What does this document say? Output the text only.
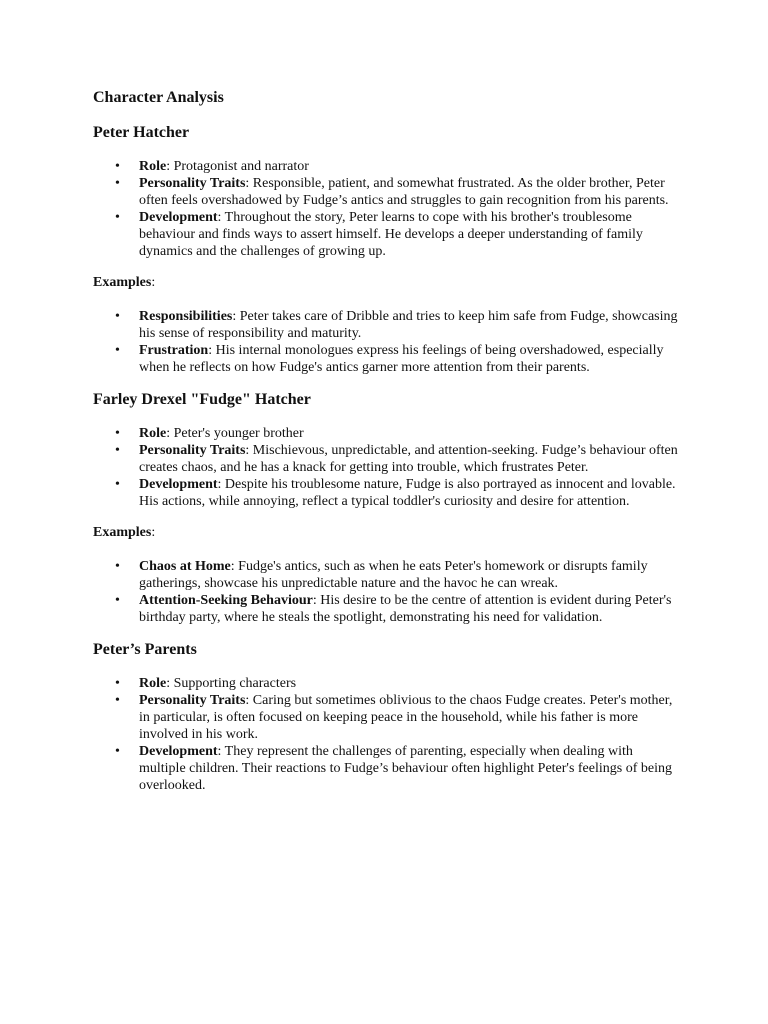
Character Analysis
Peter Hatcher
• Role: Protagonist and narrator
• Personality Traits: Responsible, patient, and somewhat frustrated. As the older brother, Peter often feels overshadowed by Fudge’s antics and struggles to gain recognition from his parents.
• Development: Throughout the story, Peter learns to cope with his brother's troublesome behaviour and finds ways to assert himself. He develops a deeper understanding of family dynamics and the challenges of growing up.

Examples:

• Responsibilities: Peter takes care of Dribble and tries to keep him safe from Fudge, showcasing his sense of responsibility and maturity.
• Frustration: His internal monologues express his feelings of being overshadowed, especially when he reflects on how Fudge's antics garner more attention from their parents.
Farley Drexel "Fudge" Hatcher
• Role: Peter's younger brother
• Personality Traits: Mischievous, unpredictable, and attention-seeking. Fudge’s behaviour often creates chaos, and he has a knack for getting into trouble, which frustrates Peter.
• Development: Despite his troublesome nature, Fudge is also portrayed as innocent and lovable. His actions, while annoying, reflect a typical toddler's curiosity and desire for attention.

Examples:

• Chaos at Home: Fudge's antics, such as when he eats Peter's homework or disrupts family gatherings, showcase his unpredictable nature and the havoc he can wreak.
• Attention-Seeking Behaviour: His desire to be the centre of attention is evident during Peter's birthday party, where he steals the spotlight, demonstrating his need for validation.
Peter’s Parents
• Role: Supporting characters
• Personality Traits: Caring but sometimes oblivious to the chaos Fudge creates. Peter's mother, in particular, is often focused on keeping peace in the household, while his father is more involved in his work.
• Development: They represent the challenges of parenting, especially when dealing with multiple children. Their reactions to Fudge’s behaviour often highlight Peter's feelings of being overlooked.
